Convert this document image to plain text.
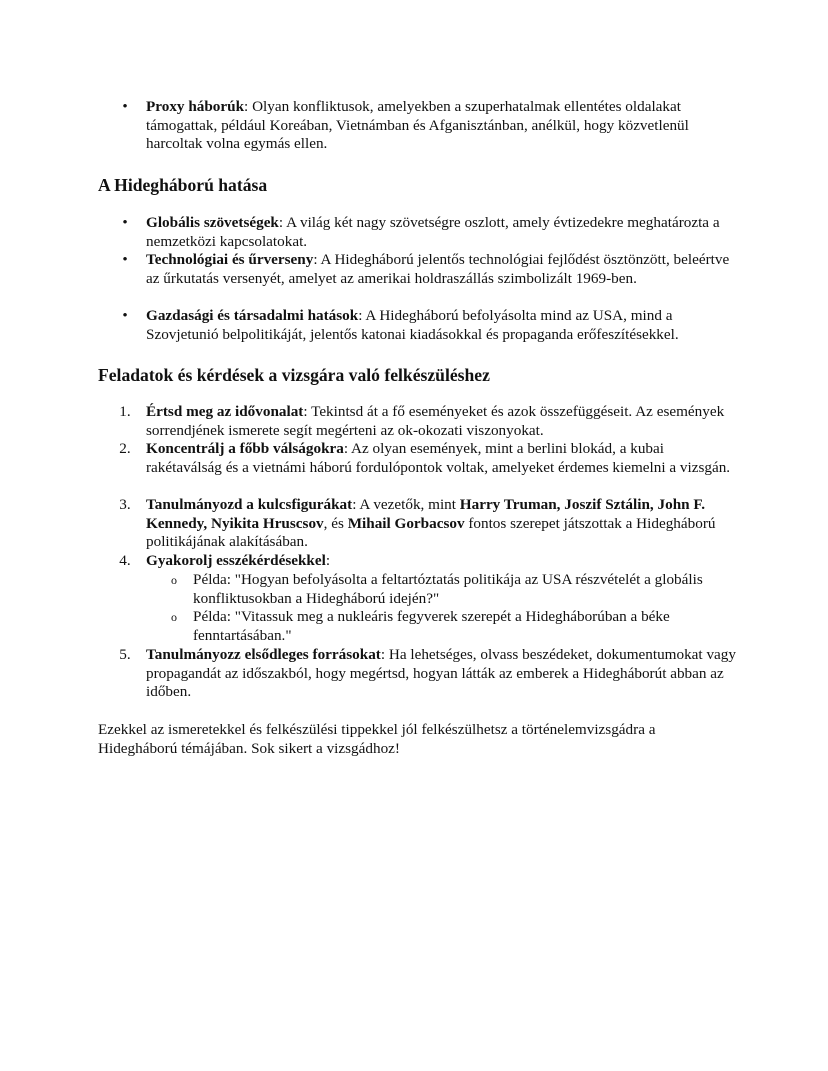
• Proxy háborúk: Olyan konfliktusok, amelyekben a szuperhatalmak ellentétes oldalakat támogattak, például Koreában, Vietnámban és Afganisztánban, anélkül, hogy közvetlenül harcoltak volna egymás ellen.
A Hidegháború hatása
• Globális szövetségek: A világ két nagy szövetségre oszlott, amely évtizedekre meghatározta a nemzetközi kapcsolatokat.
• Technológiai és űrverseny: A Hidegháború jelentős technológiai fejlődést ösztönzött, beleértve az űrkutatás versenyét, amelyet az amerikai holdraszállás szimbolizált 1969-ben.
• Gazdasági és társadalmi hatások: A Hidegháború befolyásolta mind az USA, mind a Szovjetunió belpolitikáját, jelentős katonai kiadásokkal és propaganda erőfeszítésekkel.
Feladatok és kérdések a vizsgára való felkészüléshez
1. Értsd meg az idővonalat: Tekintsd át a fő eseményeket és azok összefüggéseit. Az események sorrendjének ismerete segít megérteni az ok-okozati viszonyokat.
2. Koncentrálj a főbb válságokra: Az olyan események, mint a berlini blokád, a kubai rakétaválság és a vietnámi háború fordulópontok voltak, amelyeket érdemes kiemelni a vizsgán.
3. Tanulmányozd a kulcsfigurákat: A vezetők, mint Harry Truman, Joszif Sztálin, John F. Kennedy, Nyikita Hruscsov, és Mihail Gorbacsov fontos szerepet játszottak a Hidegháború politikájának alakításában.
4. Gyakorolj esszékérdésekkel:
o Példa: "Hogyan befolyásolta a feltartóztatás politikája az USA részvételét a globális konfliktusokban a Hidegháború idején?"
o Példa: "Vitassuk meg a nukleáris fegyverek szerepét a Hidegháborúban a béke fenntartásában."
5. Tanulmányozz elsődleges forrásokat: Ha lehetséges, olvass beszédeket, dokumentumokat vagy propagandát az időszakból, hogy megértsd, hogyan látták az emberek a Hidegháborút abban az időben.

Ezekkel az ismeretekkel és felkészülési tippekkel jól felkészülhetsz a történelemvizsgádra a Hidegháború témájában. Sok sikert a vizsgádhoz!
